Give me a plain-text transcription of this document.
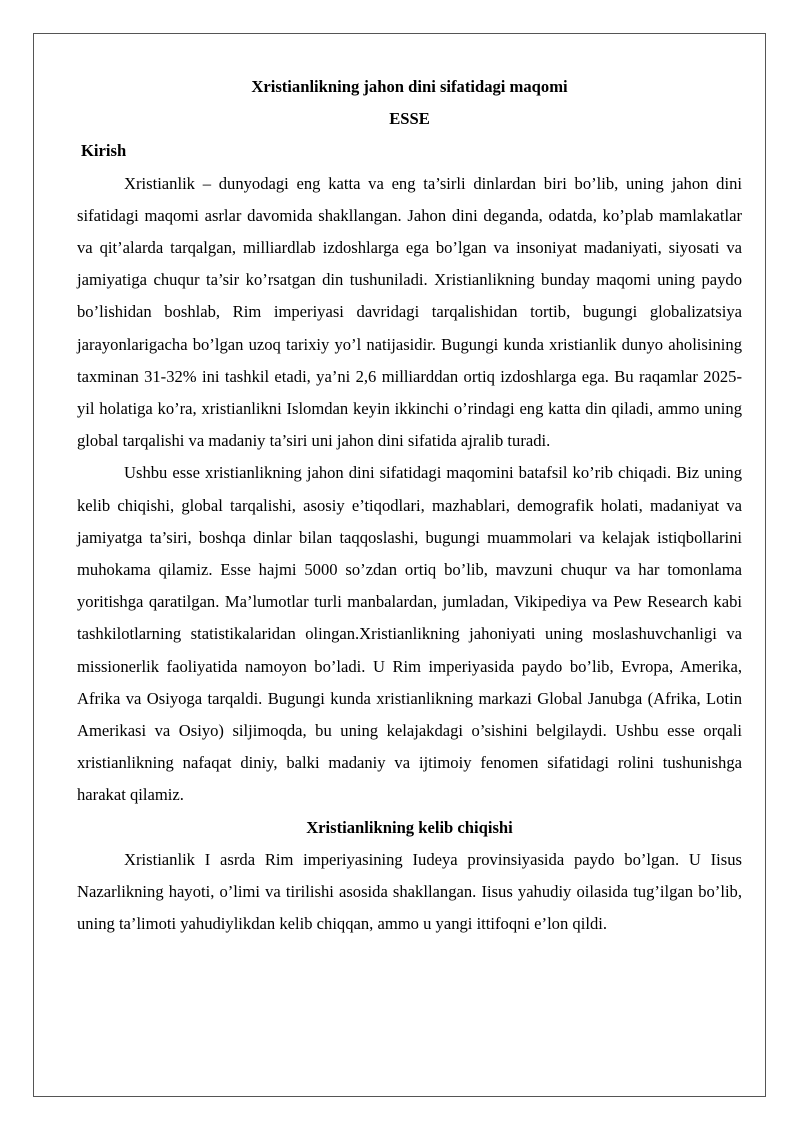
Xristianlikning jahon dini sifatidagi maqomi

ESSE

Kirish

Xristianlik – dunyodagi eng katta va eng ta’sirli dinlardan biri bo’lib, uning jahon dini sifatidagi maqomi asrlar davomida shakllangan. Jahon dini deganda, odatda, ko’plab mamlakatlar va qit’alarda tarqalgan, milliardlab izdoshlarga ega bo’lgan va insoniyat madaniyati, siyosati va jamiyatiga chuqur ta’sir ko’rsatgan din tushuniladi. Xristianlikning bunday maqomi uning paydo bo’lishidan boshlab, Rim imperiyasi davridagi tarqalishidan tortib, bugungi globalizatsiya jarayonlarigacha bo’lgan uzoq tarixiy yo’l natijasidir. Bugungi kunda xristianlik dunyo aholisining taxminan 31-32% ini tashkil etadi, ya’ni 2,6 milliarddan ortiq izdoshlarga ega. Bu raqamlar 2025-yil holatiga ko’ra, xristianlikni Islomdan keyin ikkinchi o’rindagi eng katta din qiladi, ammo uning global tarqalishi va madaniy ta’siri uni jahon dini sifatida ajralib turadi.

Ushbu esse xristianlikning jahon dini sifatidagi maqomini batafsil ko’rib chiqadi. Biz uning kelib chiqishi, global tarqalishi, asosiy e’tiqodlari, mazhablari, demografik holati, madaniyat va jamiyatga ta’siri, boshqa dinlar bilan taqqoslashi, bugungi muammolari va kelajak istiqbollarini muhokama qilamiz. Esse hajmi 5000 so’zdan ortiq bo’lib, mavzuni chuqur va har tomonlama yoritishga qaratilgan. Ma’lumotlar turli manbalardan, jumladan, Vikipediya va Pew Research kabi tashkilotlarning statistikalaridan olingan.Xristianlikning jahoniyati uning moslashuvchanligi va missionerlik faoliyatida namoyon bo’ladi. U Rim imperiyasida paydo bo’lib, Evropa, Amerika, Afrika va Osiyoga tarqaldi. Bugungi kunda xristianlikning markazi Global Janubga (Afrika, Lotin Amerikasi va Osiyo) siljimoqda, bu uning kelajakdagi o’sishini belgilaydi. Ushbu esse orqali xristianlikning nafaqat diniy, balki madaniy va ijtimoiy fenomen sifatidagi rolini tushunishga harakat qilamiz.

Xristianlikning kelib chiqishi

Xristianlik I asrda Rim imperiyasining Iudeya provinsiyasida paydo bo’lgan. U Iisus Nazarlikning hayoti, o’limi va tirilishi asosida shakllangan. Iisus yahudiy oilasida tug’ilgan bo’lib, uning ta’limoti yahudiylikdan kelib chiqqan, ammo u yangi ittifoqni e’lon qildi.
